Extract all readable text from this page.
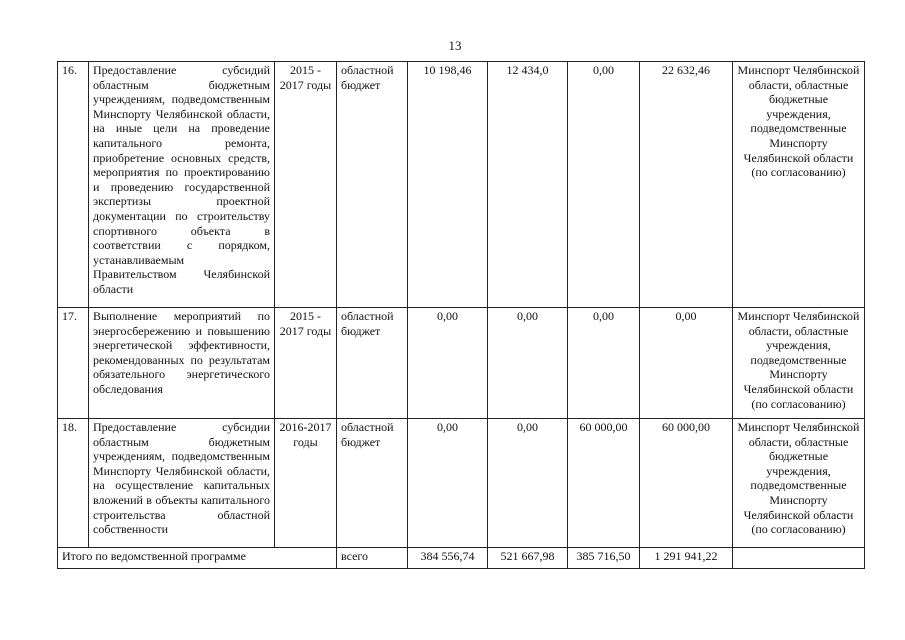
13
16.	Предоставление субсидий областным бюджетным учреждениям, подведомственным Минспорту Челябинской области, на иные цели на проведение капитального ремонта, приобретение основных средств, мероприятия по проектированию и проведению государственной экспертизы проектной документации по строительству спортивного объекта в соответствии с порядком, устанавливаемым Правительством Челябинской области	2015 - 2017 годы	областной бюджет	10 198,46	12 434,0	0,00	22 632,46	Минспорт Челябинской области, областные бюджетные учреждения, подведомственные Минспорту Челябинской области (по согласованию)
17.	Выполнение мероприятий по энергосбережению и повышению энергетической эффективности, рекомендованных по результатам обязательного энергетического обследования	2015 - 2017 годы	областной бюджет	0,00	0,00	0,00	0,00	Минспорт Челябинской области, областные учреждения, подведомственные Минспорту Челябинской области (по согласованию)
18.	Предоставление субсидии областным бюджетным учреждениям, подведомственным Минспорту Челябинской области, на осуществление капитальных вложений в объекты капитального строительства областной собственности	2016-2017 годы	областной бюджет	0,00	0,00	60 000,00	60 000,00	Минспорт Челябинской области, областные бюджетные учреждения, подведомственные Минспорту Челябинской области (по согласованию)
Итого по ведомственной программе			всего	384 556,74	521 667,98	385 716,50	1 291 941,22	
